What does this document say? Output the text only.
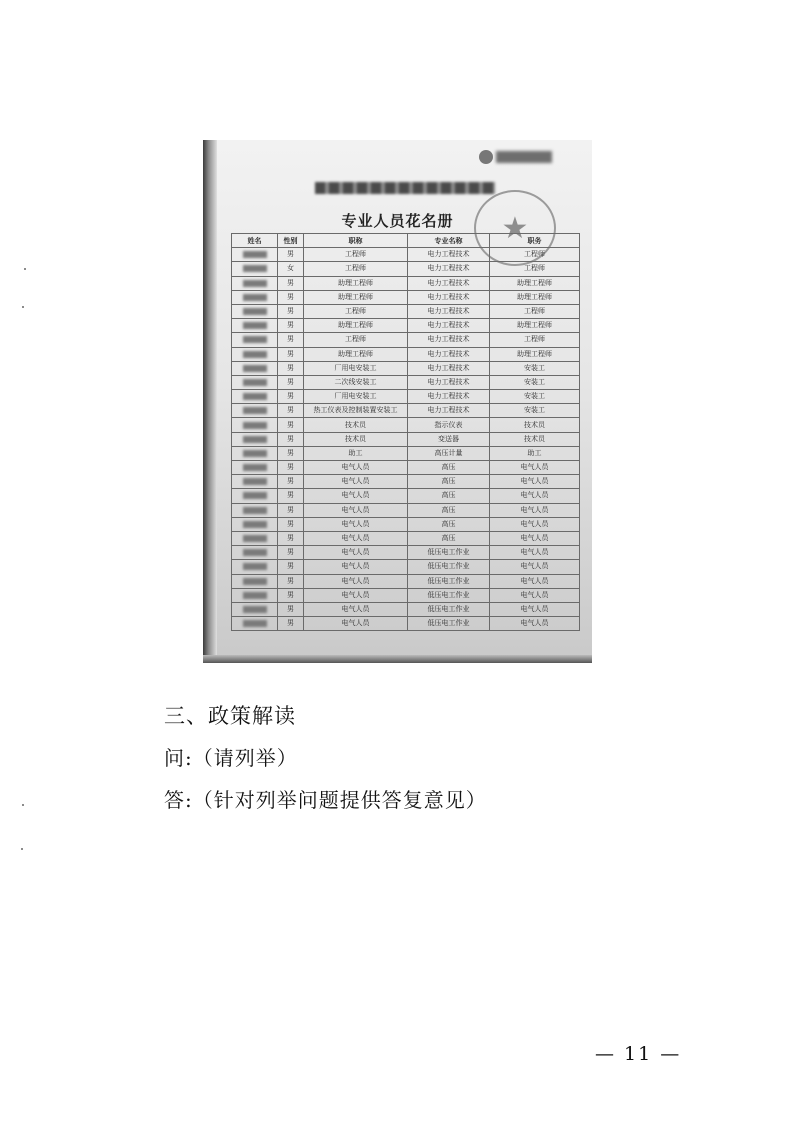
★
专业人员花名册
姓名	性别	职称	专业名称	职务

	男	工程师	电力工程技术	工程师

	女	工程师	电力工程技术	工程师

	男	助理工程师	电力工程技术	助理工程师

	男	助理工程师	电力工程技术	助理工程师

	男	工程师	电力工程技术	工程师

	男	助理工程师	电力工程技术	助理工程师

	男	工程师	电力工程技术	工程师

	男	助理工程师	电力工程技术	助理工程师

	男	厂用电安装工	电力工程技术	安装工

	男	二次线安装工	电力工程技术	安装工

	男	厂用电安装工	电力工程技术	安装工

	男	热工仪表及控制装置安装工	电力工程技术	安装工

	男	技术员	指示仪表	技术员

	男	技术员	变送器	技术员

	男	助工	高压计量	助工

	男	电气人员	高压	电气人员

	男	电气人员	高压	电气人员

	男	电气人员	高压	电气人员

	男	电气人员	高压	电气人员

	男	电气人员	高压	电气人员

	男	电气人员	高压	电气人员

	男	电气人员	低压电工作业	电气人员

	男	电气人员	低压电工作业	电气人员

	男	电气人员	低压电工作业	电气人员

	男	电气人员	低压电工作业	电气人员

	男	电气人员	低压电工作业	电气人员

	男	电气人员	低压电工作业	电气人员
三、政策解读
问:（请列举）
答:（针对列举问题提供答复意见）
— 11 —
